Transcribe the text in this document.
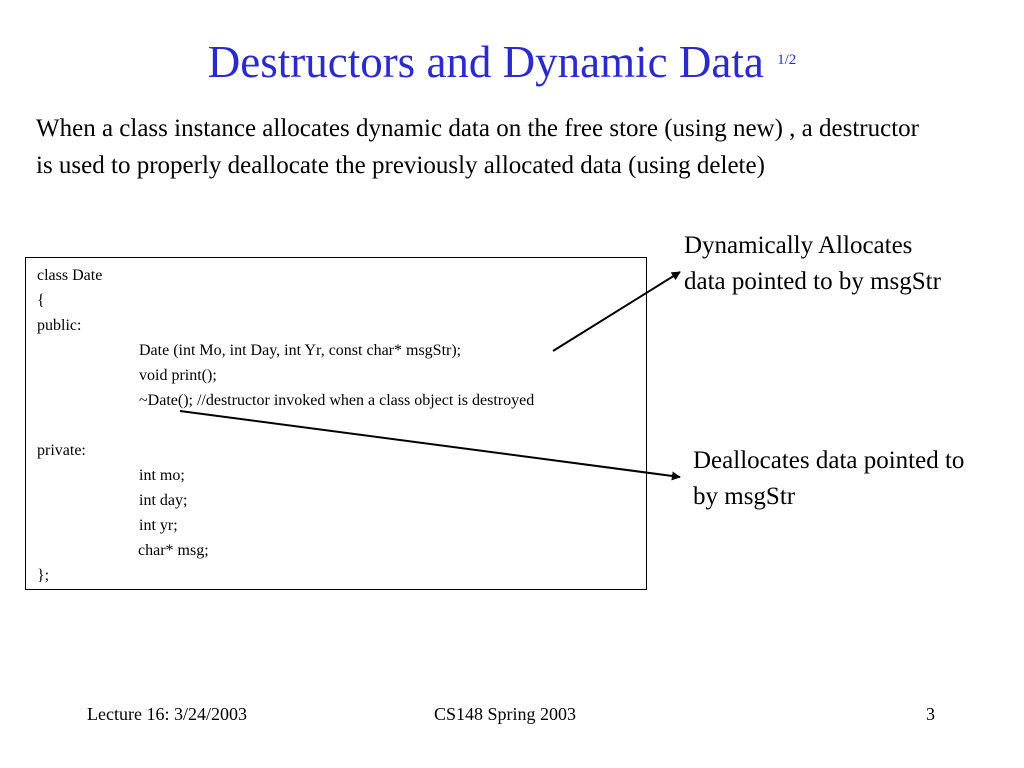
Destructors and Dynamic Data $^{1/2}$
When a class instance allocates dynamic data on the free store (using new) , a destructor is used to properly deallocate the previously allocated data (using delete)
class Date
{
public:
Date (int Mo, int Day, int Yr, const char* msgStr);
void print();
~Date(); //destructor invoked when a class object is destroyed
private:
int mo;
int day;
int yr;
char* msg;
};
Dynamically Allocates data pointed to by msgStr
Deallocates data pointed to by msgStr
Lecture 16: 3/24/2003	CS148 Spring 2003	3
